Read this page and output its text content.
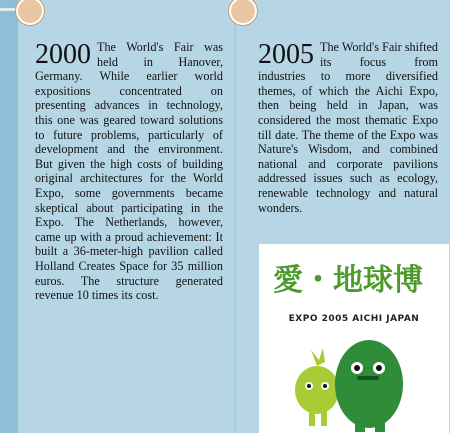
2000 The World's Fair was held in Hanover, Germany. While earlier world expositions concentrated on presenting advances in technology, this one was geared toward solutions to future problems, particularly of development and the environment. But given the high costs of building original architectures for the World Expo, some governments became skeptical about participating in the Expo. The Netherlands, however, came up with a proud achievement: It built a 36-meter-high pavilion called Holland Creates Space for 35 million euros. The structure generated revenue 10 times its cost.
2005 The World's Fair shifted its focus from industries to more diversified themes, of which the Aichi Expo, then being held in Japan, was considered the most thematic Expo till date. The theme of the Expo was Nature's Wisdom, and combined national and corporate pavilions addressed issues such as ecology, renewable technology and natural wonders.
愛・地球博
EXPO 2005 AICHI JAPAN
